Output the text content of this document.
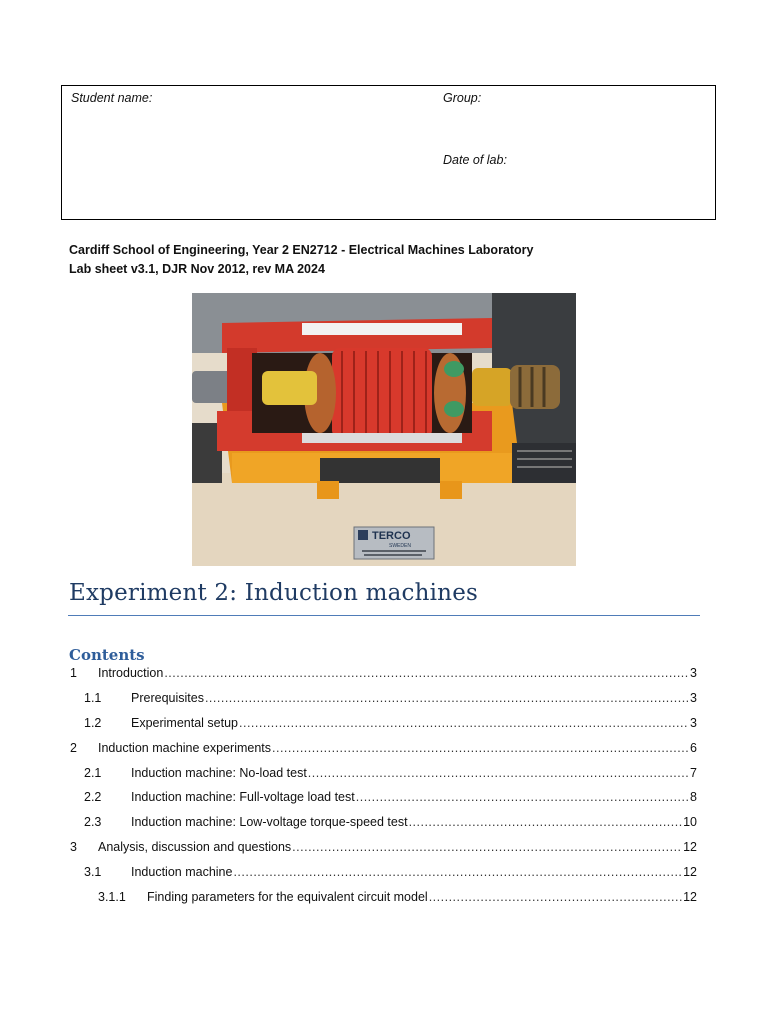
Student name:	Group:
Date of lab:
Cardiff School of Engineering, Year 2 EN2712 - Electrical Machines Laboratory
Lab sheet v3.1, DJR Nov 2012, rev MA 2024
TERCO
SWEDEN
Experiment 2: Induction machines
Contents
1 Introduction .....	3
1.1 Prerequisites .....	3
1.2 Experimental setup .....	3
2 Induction machine experiments .....	6
2.1 Induction machine: No-load test .....	7
2.2 Induction machine: Full-voltage load test .....	8
2.3 Induction machine: Low-voltage torque-speed test .....	10
3 Analysis, discussion and questions .....	12
3.1 Induction machine .....	12
3.1.1 Finding parameters for the equivalent circuit model .....	12
